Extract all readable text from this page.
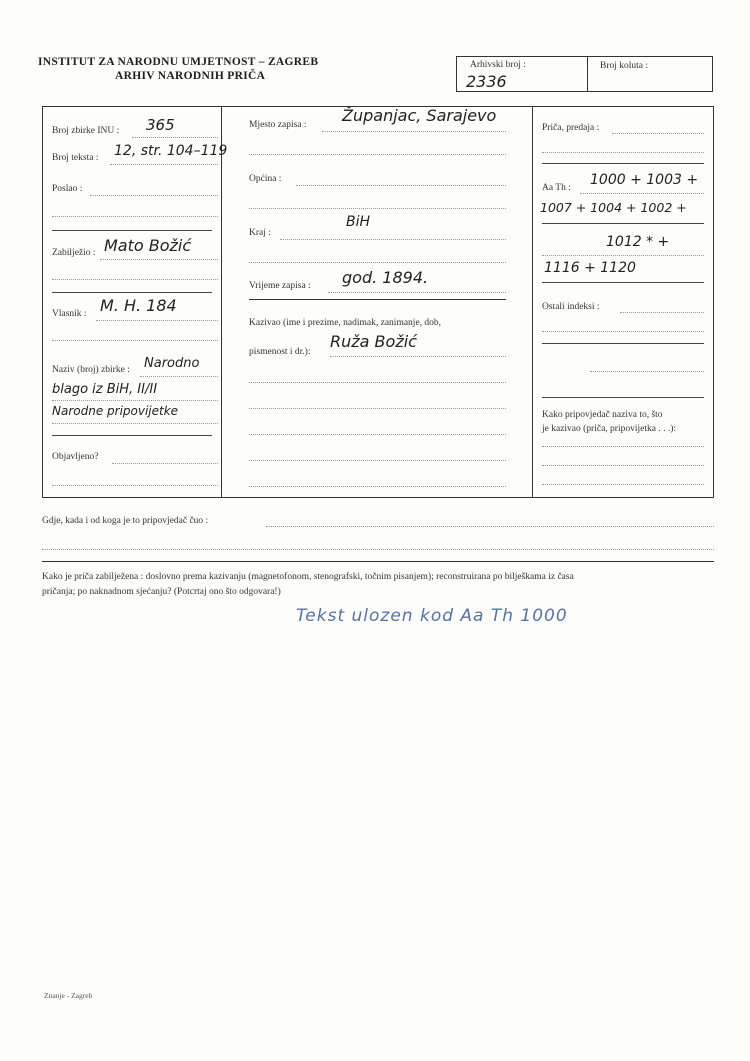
INSTITUT ZA NARODNU UMJETNOST – ZAGREB
ARHIV NARODNIH PRIČA
Arhivski broj :
2336
Broj koluta :
Broj zbirke INU : 365
Broj teksta : 12, str. 104–119
Poslao :
Zabilježio : Mato Božić
Vlasnik : M. H. 184
Naziv (broj) zbirke : Narodno
blago iz BiH, II/II
Narodne pripovijetke
Objavljeno?
Mjesto zapisa : Županjac, Sarajevo
Općina :
Kraj :
BiH
Vrijeme zapisa : god. 1894.
Kazivao (ime i prezime, nadimak, zanimanje, dob,
pismenost i dr.):
Ruža Božić
Priča, predaja :
Aa Th : 1000 + 1003 +
1007 + 1004 + 1002 +
1012 * +
1116 + 1120
Ostali indeksi :
Kako pripovjedač naziva to, što
je kazivao (priča, pripovijetka . . .):
Gdje, kada i od koga je to pripovjedač čuo :
Kako je priča zabilježena : doslovno prema kazivanju (magnetofonom, stenografski, točnim pisanjem); reconstruirana po bilješkama iz časa
pričanja; po naknadnom sjećanju? (Potcrtaj ono što odgovara!)
Tekst ulozen kod Aa Th 1000
Znanje - Zagreb
